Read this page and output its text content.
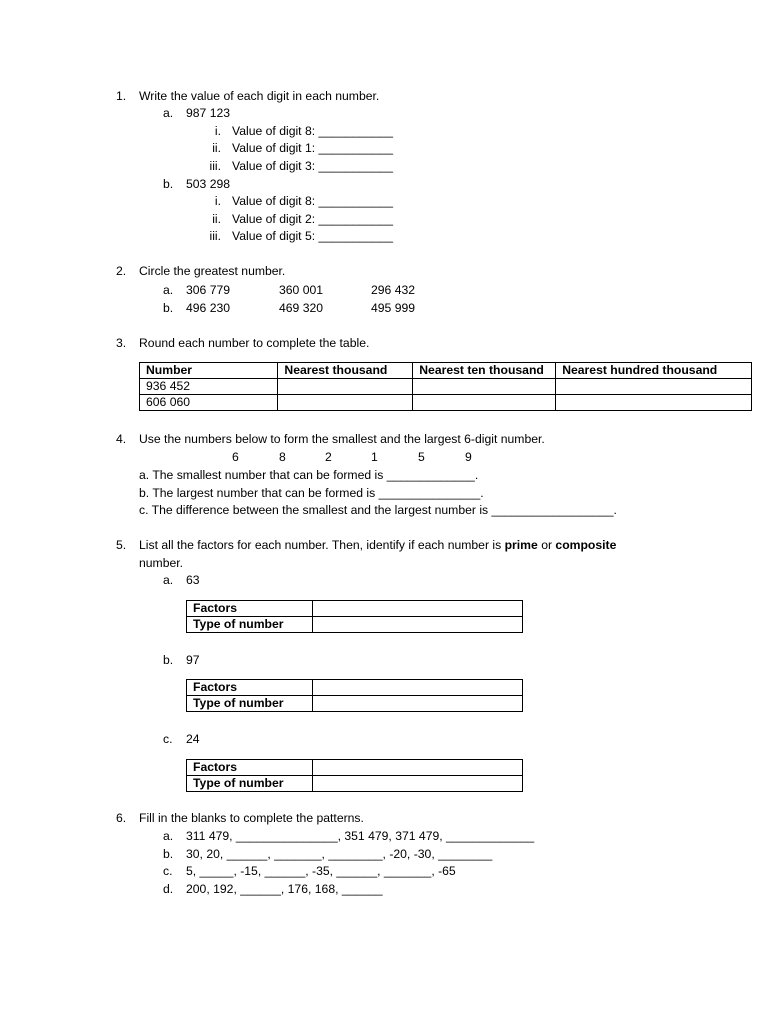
1. Write the value of each digit in each number.
a. 987 123
i. Value of digit 8: ___________
ii. Value of digit 1: ___________
iii. Value of digit 3: ___________
b. 503 298
i. Value of digit 8: ___________
ii. Value of digit 2: ___________
iii. Value of digit 5: ___________
2. Circle the greatest number.
a. 306 779	360 001	296 432
b. 496 230	469 320	495 999
3. Round each number to complete the table.
Number	Nearest thousand	Nearest ten thousand	Nearest hundred thousand
936 452			
606 060			
4. Use the numbers below to form the smallest and the largest 6-digit number.
6	8	2	1	5	9
a. The smallest number that can be formed is _____________.
b. The largest number that can be formed is _______________.
c. The difference between the smallest and the largest number is __________________.
5. List all the factors for each number. Then, identify if each number is prime or composite
number.
a. 63
Factors	
Type of number	
b. 97
Factors	
Type of number	
c. 24
Factors	
Type of number	
6. Fill in the blanks to complete the patterns.
a. 311 479, _______________, 351 479, 371 479, _____________
b. 30, 20, ______, _______, ________, -20, -30, ________
c. 5, _____, -15, ______, -35, ______, _______, -65
d. 200, 192, ______, 176, 168, ______
